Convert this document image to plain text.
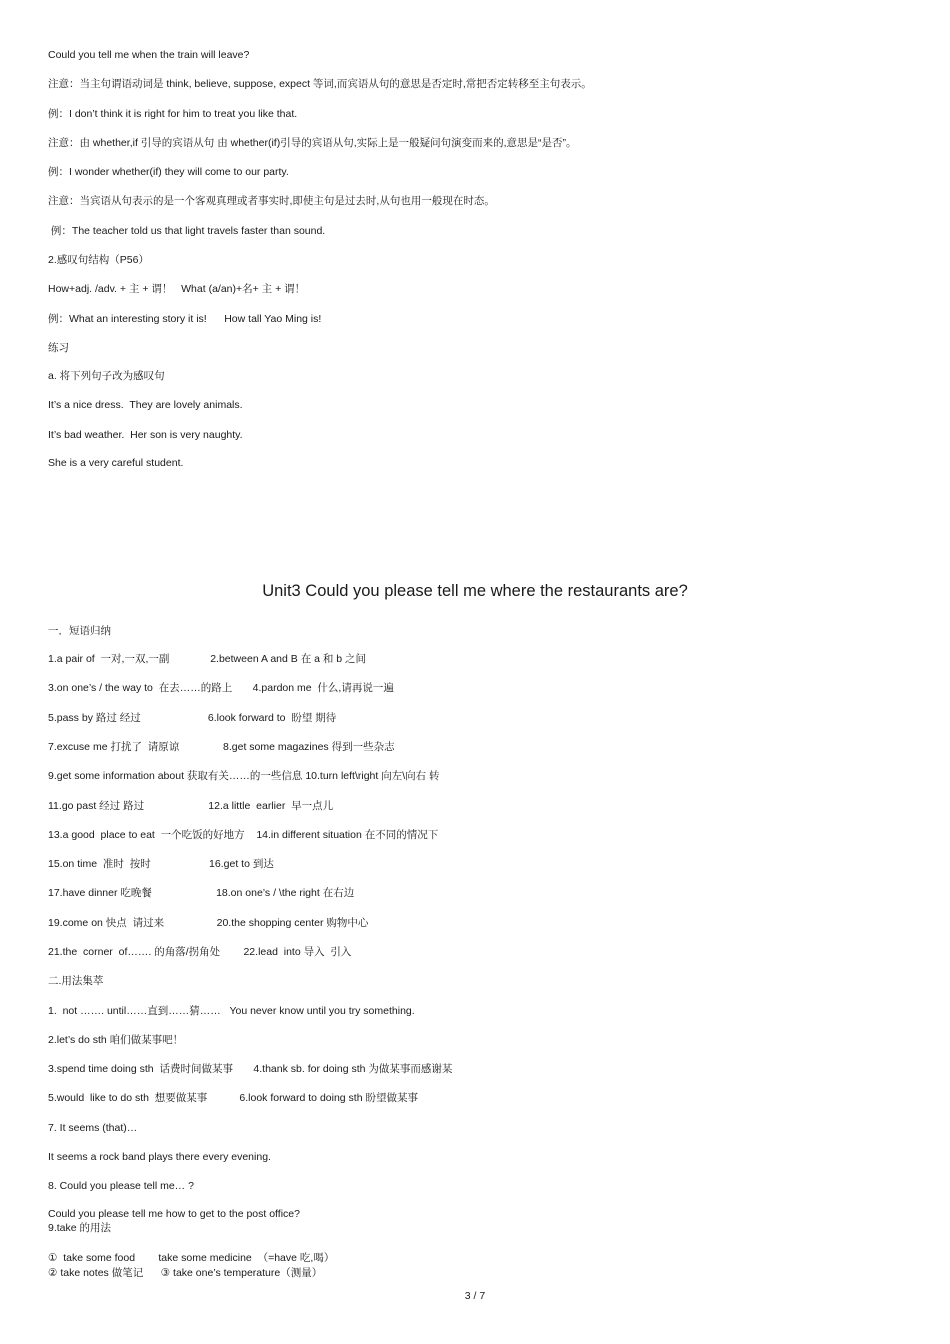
Could you tell me when the train will leave?

注意：当主句谓语动词是 think, believe, suppose, expect 等词,而宾语从句的意思是否定时,常把否定转移至主句表示。

例：I don’t think it is right for him to treat you like that.

注意：由 whether,if 引导的宾语从句 由 whether(if)引导的宾语从句,实际上是一般疑问句演变而来的,意思是“是否”。

例：I wonder whether(if) they will come to our party.

注意：当宾语从句表示的是一个客观真理或者事实时,即使主句是过去时,从句也用一般现在时态。

例：The teacher told us that light travels faster than sound.

2.感叹句结构（P56）

How+adj. /adv. + 主 + 谓！   What (a/an)+名+ 主 + 谓！

例：What an interesting story it is!      How tall Yao Ming is!

练习

a. 将下列句子改为感叹句

It’s a nice dress.  They are lovely animals.

It’s bad weather.  Her son is very naughty.

She is a very careful student.

Unit3 Could you please tell me where the restaurants are?

一．短语归纳

1.a pair of  一对,一双,一副              2.between A and B 在 a 和 b 之间

3.on one’s / the way to  在去……的路上       4.pardon me  什么,请再说一遍

5.pass by 路过 经过                       6.look forward to  盼望 期待

7.excuse me 打扰了  请原谅               8.get some magazines 得到一些杂志

9.get some information about 获取有关……的一些信息 10.turn left\right 向左\向右 转

11.go past 经过 路过                      12.a little  earlier  早一点儿

13.a good  place to eat  一个吃饭的好地方    14.in different situation 在不同的情况下

15.on time  准时  按时                    16.get to 到达

17.have dinner 吃晚餐                      18.on one’s / \the right 在右边

19.come on 快点  请过来                  20.the shopping center 购物中心

21.the  corner  of……. 的角落/拐角处        22.lead  into 导入  引入

二.用法集萃

1.  not ……. until……直到……猜……   You never know until you try something.

2.let’s do sth 咱们做某事吧！

3.spend time doing sth  话费时间做某事       4.thank sb. for doing sth 为做某事而感谢某

5.would  like to do sth  想要做某事           6.look forward to doing sth 盼望做某事

7. It seems (that)…

It seems a rock band plays there every evening.

8. Could you please tell me… ?

Could you please tell me how to get to the post office?

9.take 的用法

①  take some food        take some medicine  （=have 吃,喝）

② take notes 做笔记      ③ take one’s temperature（测量）

3 / 7
